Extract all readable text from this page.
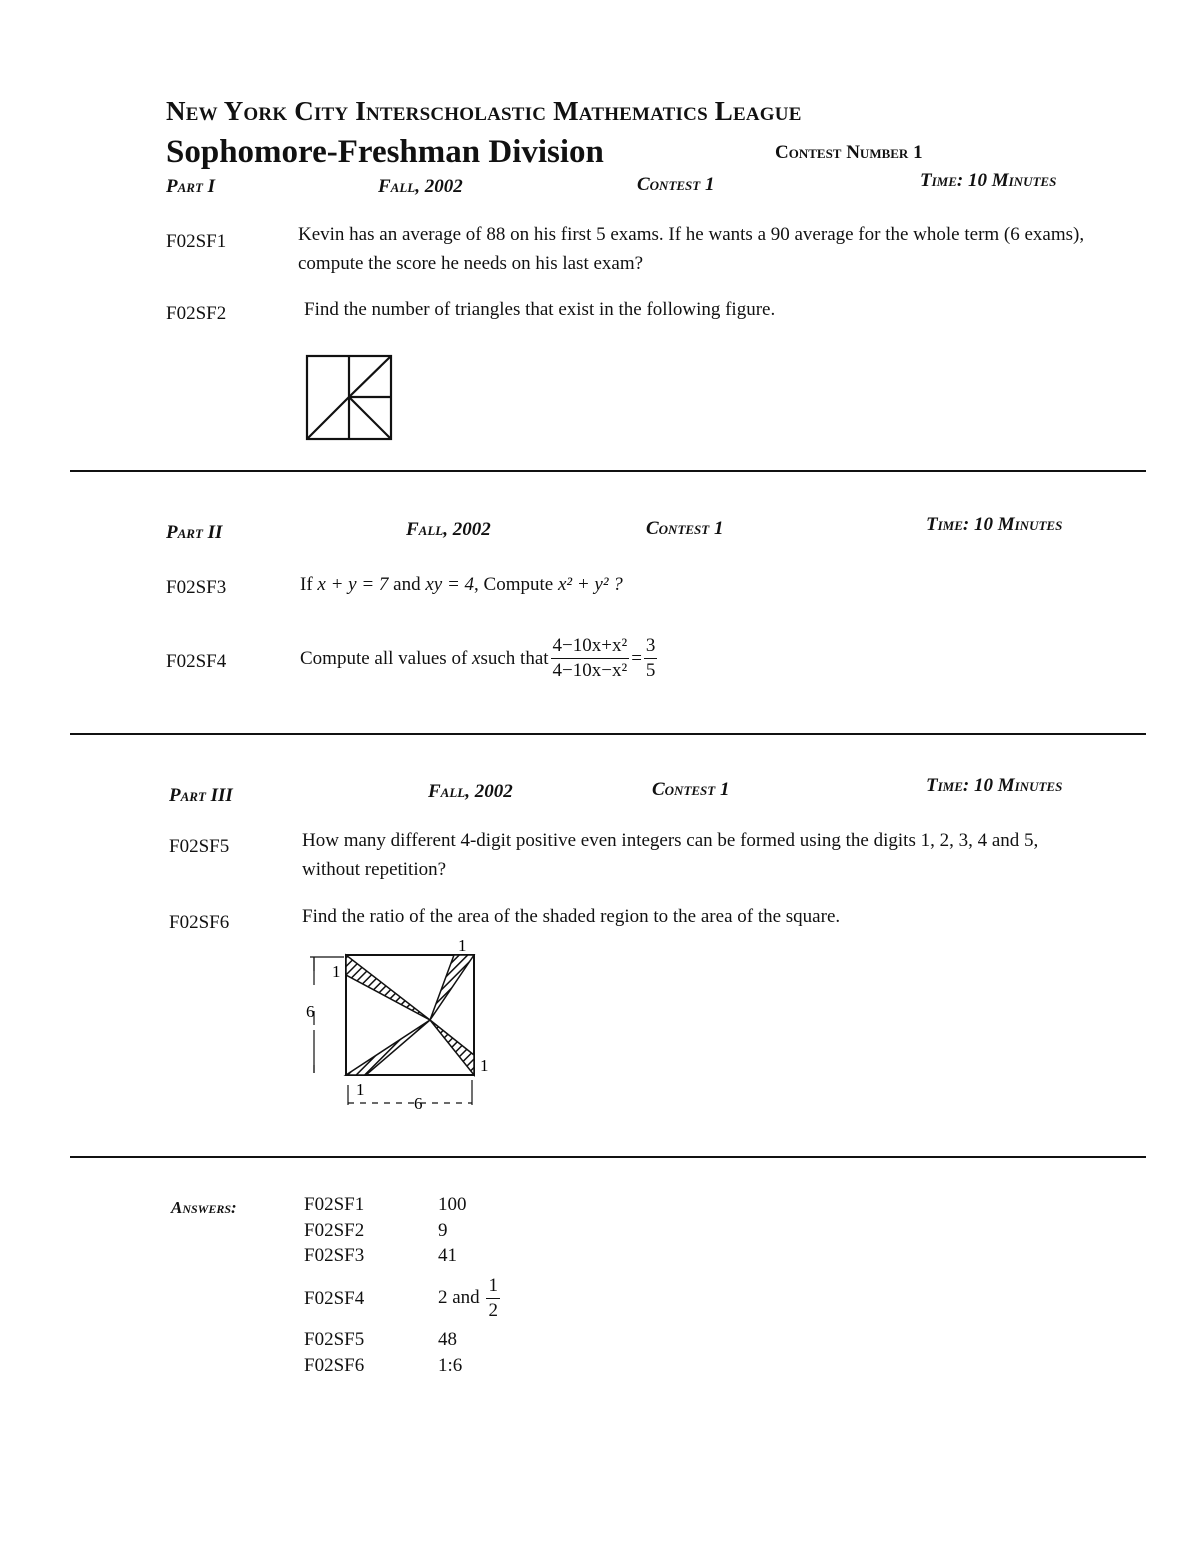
New York City Interscholastic Mathematics League
Sophomore-Freshman Division	Contest Number 1
Part I	Fall, 2002	Contest 1	Time: 10 Minutes
F02SF1	Kevin has an average of 88 on his first 5 exams. If he wants a 90 average for the whole term (6 exams), compute the score he needs on his last exam?
F02SF2	Find the number of triangles that exist in the following figure.
Part II	Fall, 2002	Contest 1	Time: 10 Minutes
F02SF3	If x + y = 7 and xy = 4, Compute x² + y² ?
F02SF4	Compute all values of
x such that $\frac{\text{4−10x+x²}}{\text{4−10x−x²}} = \frac{3}{5}$
Part III	Fall, 2002	Contest 1	Time: 10 Minutes
F02SF5	How many different 4-digit positive even integers can be formed using the digits 1, 2, 3, 4 and 5, without repetition?
F02SF6	Find the ratio of the area of the shaded region to the area of the square.
1
1
6
1
1
6
Answers:	F02SF1	100
F02SF2	9
F02SF3	41
F02SF4	2 and
$\frac{1}{2}$
F02SF5	48
F02SF6	1:6
